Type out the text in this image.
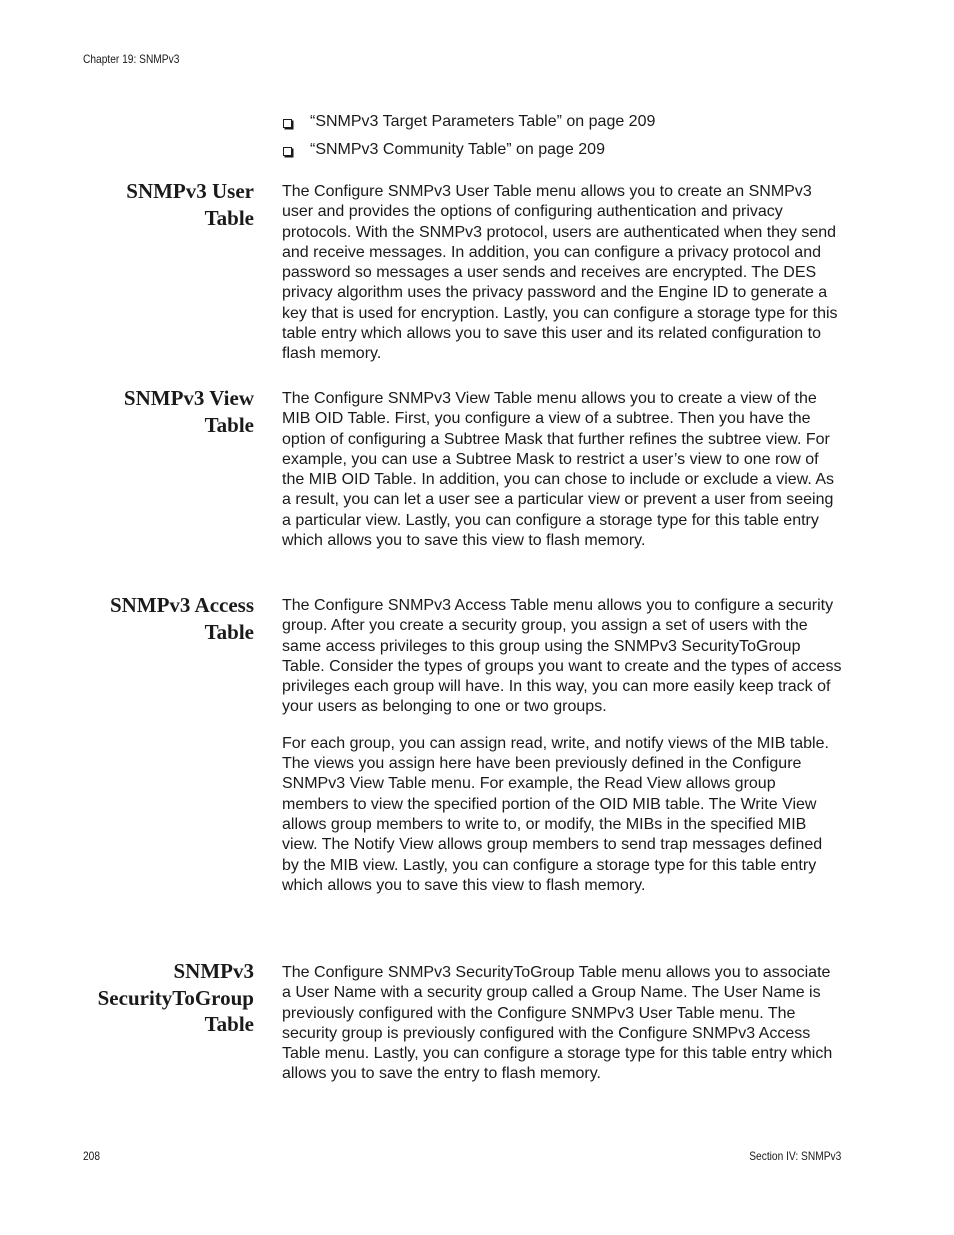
Chapter 19: SNMPv3
“SNMPv3 Target Parameters Table” on page 209
“SNMPv3 Community Table” on page 209
SNMPv3 User
Table

The Configure SNMPv3 User Table menu allows you to create an SNMPv3 user and provides the options of configuring authentication and privacy protocols. With the SNMPv3 protocol, users are authenticated when they send and receive messages. In addition, you can configure a privacy protocol and password so messages a user sends and receives are encrypted. The DES privacy algorithm uses the privacy password and the Engine ID to generate a key that is used for encryption. Lastly, you can configure a storage type for this table entry which allows you to save this user and its related configuration to flash memory.

SNMPv3 View
Table

The Configure SNMPv3 View Table menu allows you to create a view of the MIB OID Table. First, you configure a view of a subtree. Then you have the option of configuring a Subtree Mask that further refines the subtree view. For example, you can use a Subtree Mask to restrict a user’s view to one row of the MIB OID Table. In addition, you can chose to include or exclude a view. As a result, you can let a user see a particular view or prevent a user from seeing a particular view. Lastly, you can configure a storage type for this table entry which allows you to save this view to flash memory.

SNMPv3 Access
Table

The Configure SNMPv3 Access Table menu allows you to configure a security group. After you create a security group, you assign a set of users with the same access privileges to this group using the SNMPv3 SecurityToGroup Table. Consider the types of groups you want to create and the types of access privileges each group will have. In this way, you can more easily keep track of your users as belonging to one or two groups.

For each group, you can assign read, write, and notify views of the MIB table. The views you assign here have been previously defined in the Configure SNMPv3 View Table menu. For example, the Read View allows group members to view the specified portion of the OID MIB table. The Write View allows group members to write to, or modify, the MIBs in the specified MIB view. The Notify View allows group members to send trap messages defined by the MIB view. Lastly, you can configure a storage type for this table entry which allows you to save this view to flash memory.

SNMPv3
SecurityToGroup
Table

The Configure SNMPv3 SecurityToGroup Table menu allows you to associate a User Name with a security group called a Group Name. The User Name is previously configured with the Configure SNMPv3 User Table menu. The security group is previously configured with the Configure SNMPv3 Access Table menu. Lastly, you can configure a storage type for this table entry which allows you to save the entry to flash memory.

208	Section IV: SNMPv3
